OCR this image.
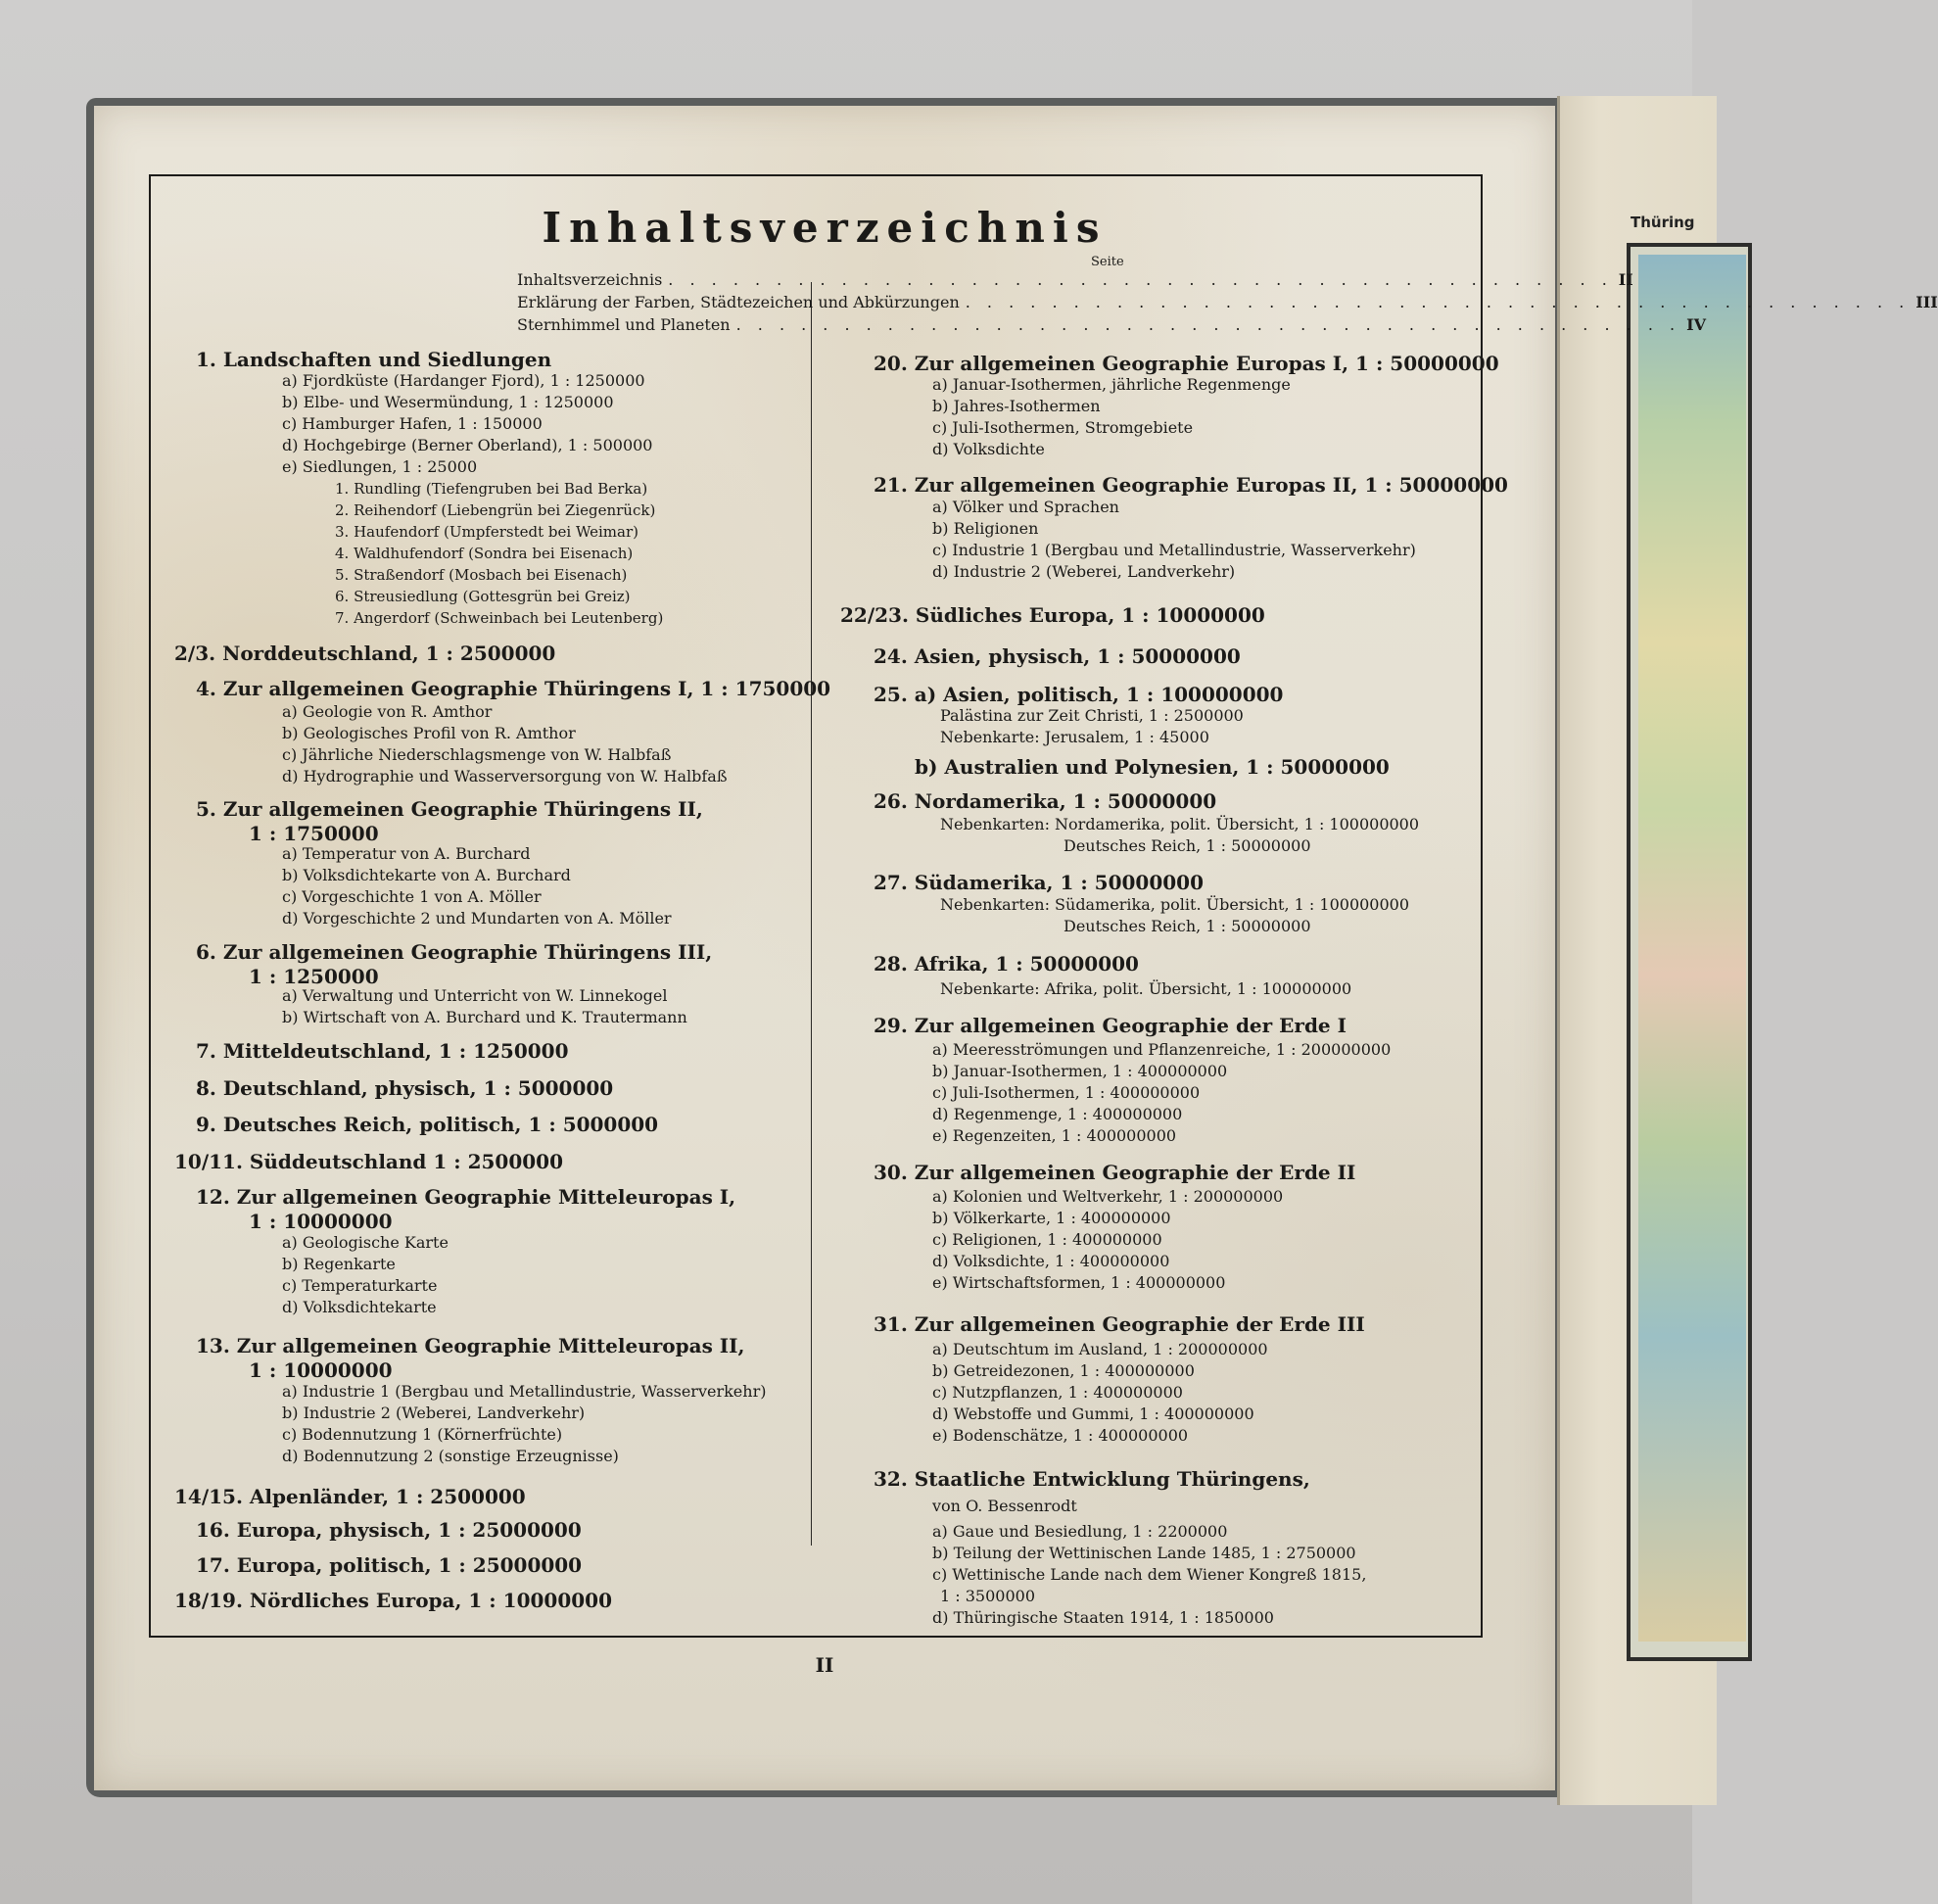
Thüring
Inhaltsverzeichnis
Seite
Inhaltsverzeichnis . . . . . . . . . . . . . . . . . . . . . . . . . . . . . . . . . . . . . . . . . . . . II
Erklärung der Farben, Städtezeichen und Abkürzungen . . . . . . . . . . . . . . . . . . . . . . . . . . . . . . . . . . . . . . . . . . . . III
Sternhimmel und Planeten . . . . . . . . . . . . . . . . . . . . . . . . . . . . . . . . . . . . . . . . . . . . IV
1. Landschaften und Siedlungen
a) Fjordküste (Hardanger Fjord), 1 : 1250000
b) Elbe- und Wesermündung, 1 : 1250000
c) Hamburger Hafen, 1 : 150000
d) Hochgebirge (Berner Oberland), 1 : 500000
e) Siedlungen, 1 : 25000
1. Rundling (Tiefengruben bei Bad Berka)
2. Reihendorf (Liebengrün bei Ziegenrück)
3. Haufendorf (Umpferstedt bei Weimar)
4. Waldhufendorf (Sondra bei Eisenach)
5. Straßendorf (Mosbach bei Eisenach)
6. Streusiedlung (Gottesgrün bei Greiz)
7. Angerdorf (Schweinbach bei Leutenberg)
2/3. Norddeutschland, 1 : 2500000
4. Zur allgemeinen Geographie Thüringens I, 1 : 1750000
a) Geologie von R. Amthor
b) Geologisches Profil von R. Amthor
c) Jährliche Niederschlagsmenge von W. Halbfaß
d) Hydrographie und Wasserversorgung von W. Halbfaß
5. Zur allgemeinen Geographie Thüringens II,
1 : 1750000
a) Temperatur von A. Burchard
b) Volksdichtekarte von A. Burchard
c) Vorgeschichte 1 von A. Möller
d) Vorgeschichte 2 und Mundarten von A. Möller
6. Zur allgemeinen Geographie Thüringens III,
1 : 1250000
a) Verwaltung und Unterricht von W. Linnekogel
b) Wirtschaft von A. Burchard und K. Trautermann
7. Mitteldeutschland, 1 : 1250000
8. Deutschland, physisch, 1 : 5000000
9. Deutsches Reich, politisch, 1 : 5000000
10/11. Süddeutschland 1 : 2500000
12. Zur allgemeinen Geographie Mitteleuropas I,
1 : 10000000
a) Geologische Karte
b) Regenkarte
c) Temperaturkarte
d) Volksdichtekarte
13. Zur allgemeinen Geographie Mitteleuropas II,
1 : 10000000
a) Industrie 1 (Bergbau und Metallindustrie, Wasserverkehr)
b) Industrie 2 (Weberei, Landverkehr)
c) Bodennutzung 1 (Körnerfrüchte)
d) Bodennutzung 2 (sonstige Erzeugnisse)
14/15. Alpenländer, 1 : 2500000
16. Europa, physisch, 1 : 25000000
17. Europa, politisch, 1 : 25000000
18/19. Nördliches Europa, 1 : 10000000
20. Zur allgemeinen Geographie Europas I, 1 : 50000000
a) Januar-Isothermen, jährliche Regenmenge
b) Jahres-Isothermen
c) Juli-Isothermen, Stromgebiete
d) Volksdichte
21. Zur allgemeinen Geographie Europas II, 1 : 50000000
a) Völker und Sprachen
b) Religionen
c) Industrie 1 (Bergbau und Metallindustrie, Wasserverkehr)
d) Industrie 2 (Weberei, Landverkehr)
22/23. Südliches Europa, 1 : 10000000
24. Asien, physisch, 1 : 50000000
25. a) Asien, politisch, 1 : 100000000
Palästina zur Zeit Christi, 1 : 2500000
Nebenkarte: Jerusalem, 1 : 45000
b) Australien und Polynesien, 1 : 50000000
26. Nordamerika, 1 : 50000000
Nebenkarten: Nordamerika, polit. Übersicht, 1 : 100000000
Deutsches Reich, 1 : 50000000
27. Südamerika, 1 : 50000000
Nebenkarten: Südamerika, polit. Übersicht, 1 : 100000000
Deutsches Reich, 1 : 50000000
28. Afrika, 1 : 50000000
Nebenkarte: Afrika, polit. Übersicht, 1 : 100000000
29. Zur allgemeinen Geographie der Erde I
a) Meeresströmungen und Pflanzenreiche, 1 : 200000000
b) Januar-Isothermen, 1 : 400000000
c) Juli-Isothermen, 1 : 400000000
d) Regenmenge, 1 : 400000000
e) Regenzeiten, 1 : 400000000
30. Zur allgemeinen Geographie der Erde II
a) Kolonien und Weltverkehr, 1 : 200000000
b) Völkerkarte, 1 : 400000000
c) Religionen, 1 : 400000000
d) Volksdichte, 1 : 400000000
e) Wirtschaftsformen, 1 : 400000000
31. Zur allgemeinen Geographie der Erde III
a) Deutschtum im Ausland, 1 : 200000000
b) Getreidezonen, 1 : 400000000
c) Nutzpflanzen, 1 : 400000000
d) Webstoffe und Gummi, 1 : 400000000
e) Bodenschätze, 1 : 400000000
32. Staatliche Entwicklung Thüringens,
von O. Bessenrodt
a) Gaue und Besiedlung, 1 : 2200000
b) Teilung der Wettinischen Lande 1485, 1 : 2750000
c) Wettinische Lande nach dem Wiener Kongreß 1815,
1 : 3500000
d) Thüringische Staaten 1914, 1 : 1850000
II
